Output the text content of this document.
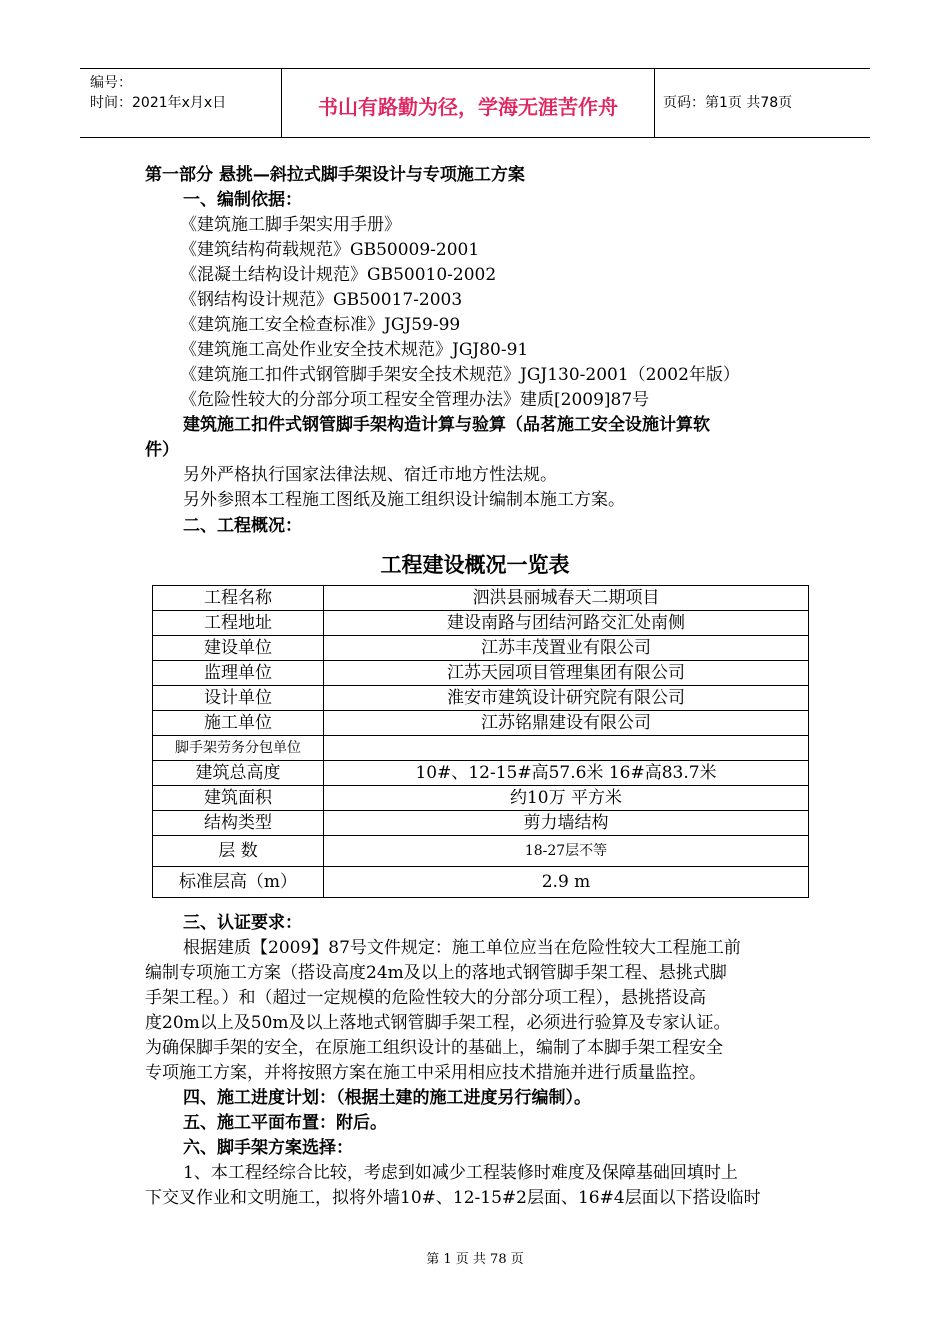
编号：
时间：2021年x月x日	书山有路勤为径，学海无涯苦作舟	页码：第1页 共78页
第一部分 悬挑—斜拉式脚手架设计与专项施工方案
一、编制依据：
《建筑施工脚手架实用手册》
《建筑结构荷载规范》GB50009-2001
《混凝土结构设计规范》GB50010-2002
《钢结构设计规范》GB50017-2003
《建筑施工安全检查标准》JGJ59-99
《建筑施工高处作业安全技术规范》JGJ80-91
《建筑施工扣件式钢管脚手架安全技术规范》JGJ130-2001（2002年版）
《危险性较大的分部分项工程安全管理办法》建质[2009]87号
建筑施工扣件式钢管脚手架构造计算与验算（品茗施工安全设施计算软
件）
另外严格执行国家法律法规、宿迁市地方性法规。
另外参照本工程施工图纸及施工组织设计编制本施工方案。
二、工程概况：
工程建设概况一览表
工程名称	泗洪县丽城春天二期项目
工程地址	建设南路与团结河路交汇处南侧
建设单位	江苏丰茂置业有限公司
监理单位	江苏天园项目管理集团有限公司
设计单位	淮安市建筑设计研究院有限公司
施工单位	江苏铭鼎建设有限公司
脚手架劳务分包单位	
建筑总高度	10#、12-15#高57.6米 16#高83.7米
建筑面积	约10万 平方米
结构类型	剪力墙结构
层 数	18-27层不等
标准层高（m）	2.9 m
三、认证要求：
根据建质【2009】87号文件规定：施工单位应当在危险性较大工程施工前
编制专项施工方案（搭设高度24m及以上的落地式钢管脚手架工程、悬挑式脚
手架工程。）和（超过一定规模的危险性较大的分部分项工程），悬挑搭设高
度20m以上及50m及以上落地式钢管脚手架工程，必须进行验算及专家认证。
为确保脚手架的安全，在原施工组织设计的基础上，编制了本脚手架工程安全
专项施工方案，并将按照方案在施工中采用相应技术措施并进行质量监控。
四、施工进度计划：（根据土建的施工进度另行编制）。
五、施工平面布置：附后。
六、脚手架方案选择：
1、本工程经综合比较，考虑到如减少工程装修时难度及保障基础回填时上
下交叉作业和文明施工，拟将外墙10#、12-15#2层面、16#4层面以下搭设临时
第 1 页 共 78 页
